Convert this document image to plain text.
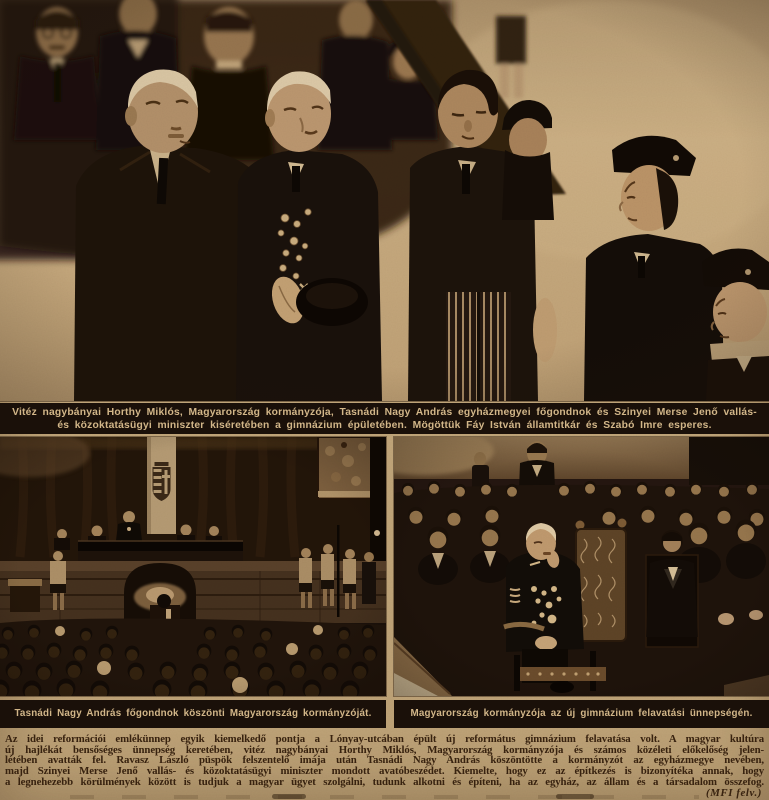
Vitéz nagybányai Horthy Miklós, Magyarország kormányzója, Tasnádi Nagy András egyházmegyei főgondnok és Szinyei Merse Jenő vallás-
és közoktatásügyi miniszter kiséretében a gimnázium épületében. Mögöttük Fáy István államtitkár és Szabó Imre esperes.
Tasnádi Nagy András főgondnok köszönti Magyarország kormányzóját.	Magyarország kormányzója az új gimnázium felavatási ünnepségén.
Az idei reformációi emlékünnep egyik kiemelkedő pontja a Lónyay-utcában épült új református gimnázium felavatása volt. A magyar kultúra
új hajlékát bensőséges ünnepség keretében, vitéz nagybányai Horthy Miklós, Magyarország kormányzója és számos közéleti előkelőség jelen-
létében avatták fel. Ravasz László püspök felszentelő imája után Tasnádi Nagy András köszöntötte a kormányzót az egyházmegye nevében,
majd Szinyei Merse Jenő vallás- és közoktatásügyi miniszter mondott avatóbeszédet. Kiemelte, hogy ez az építkezés is bizonyítéka annak, hogy
a legnehezebb körülmények között is tudjuk a magyar ügyet szolgálni, tudunk alkotni és építeni, ha az egyház, az állam és a társadalom összefog.
(MFI felv.)
